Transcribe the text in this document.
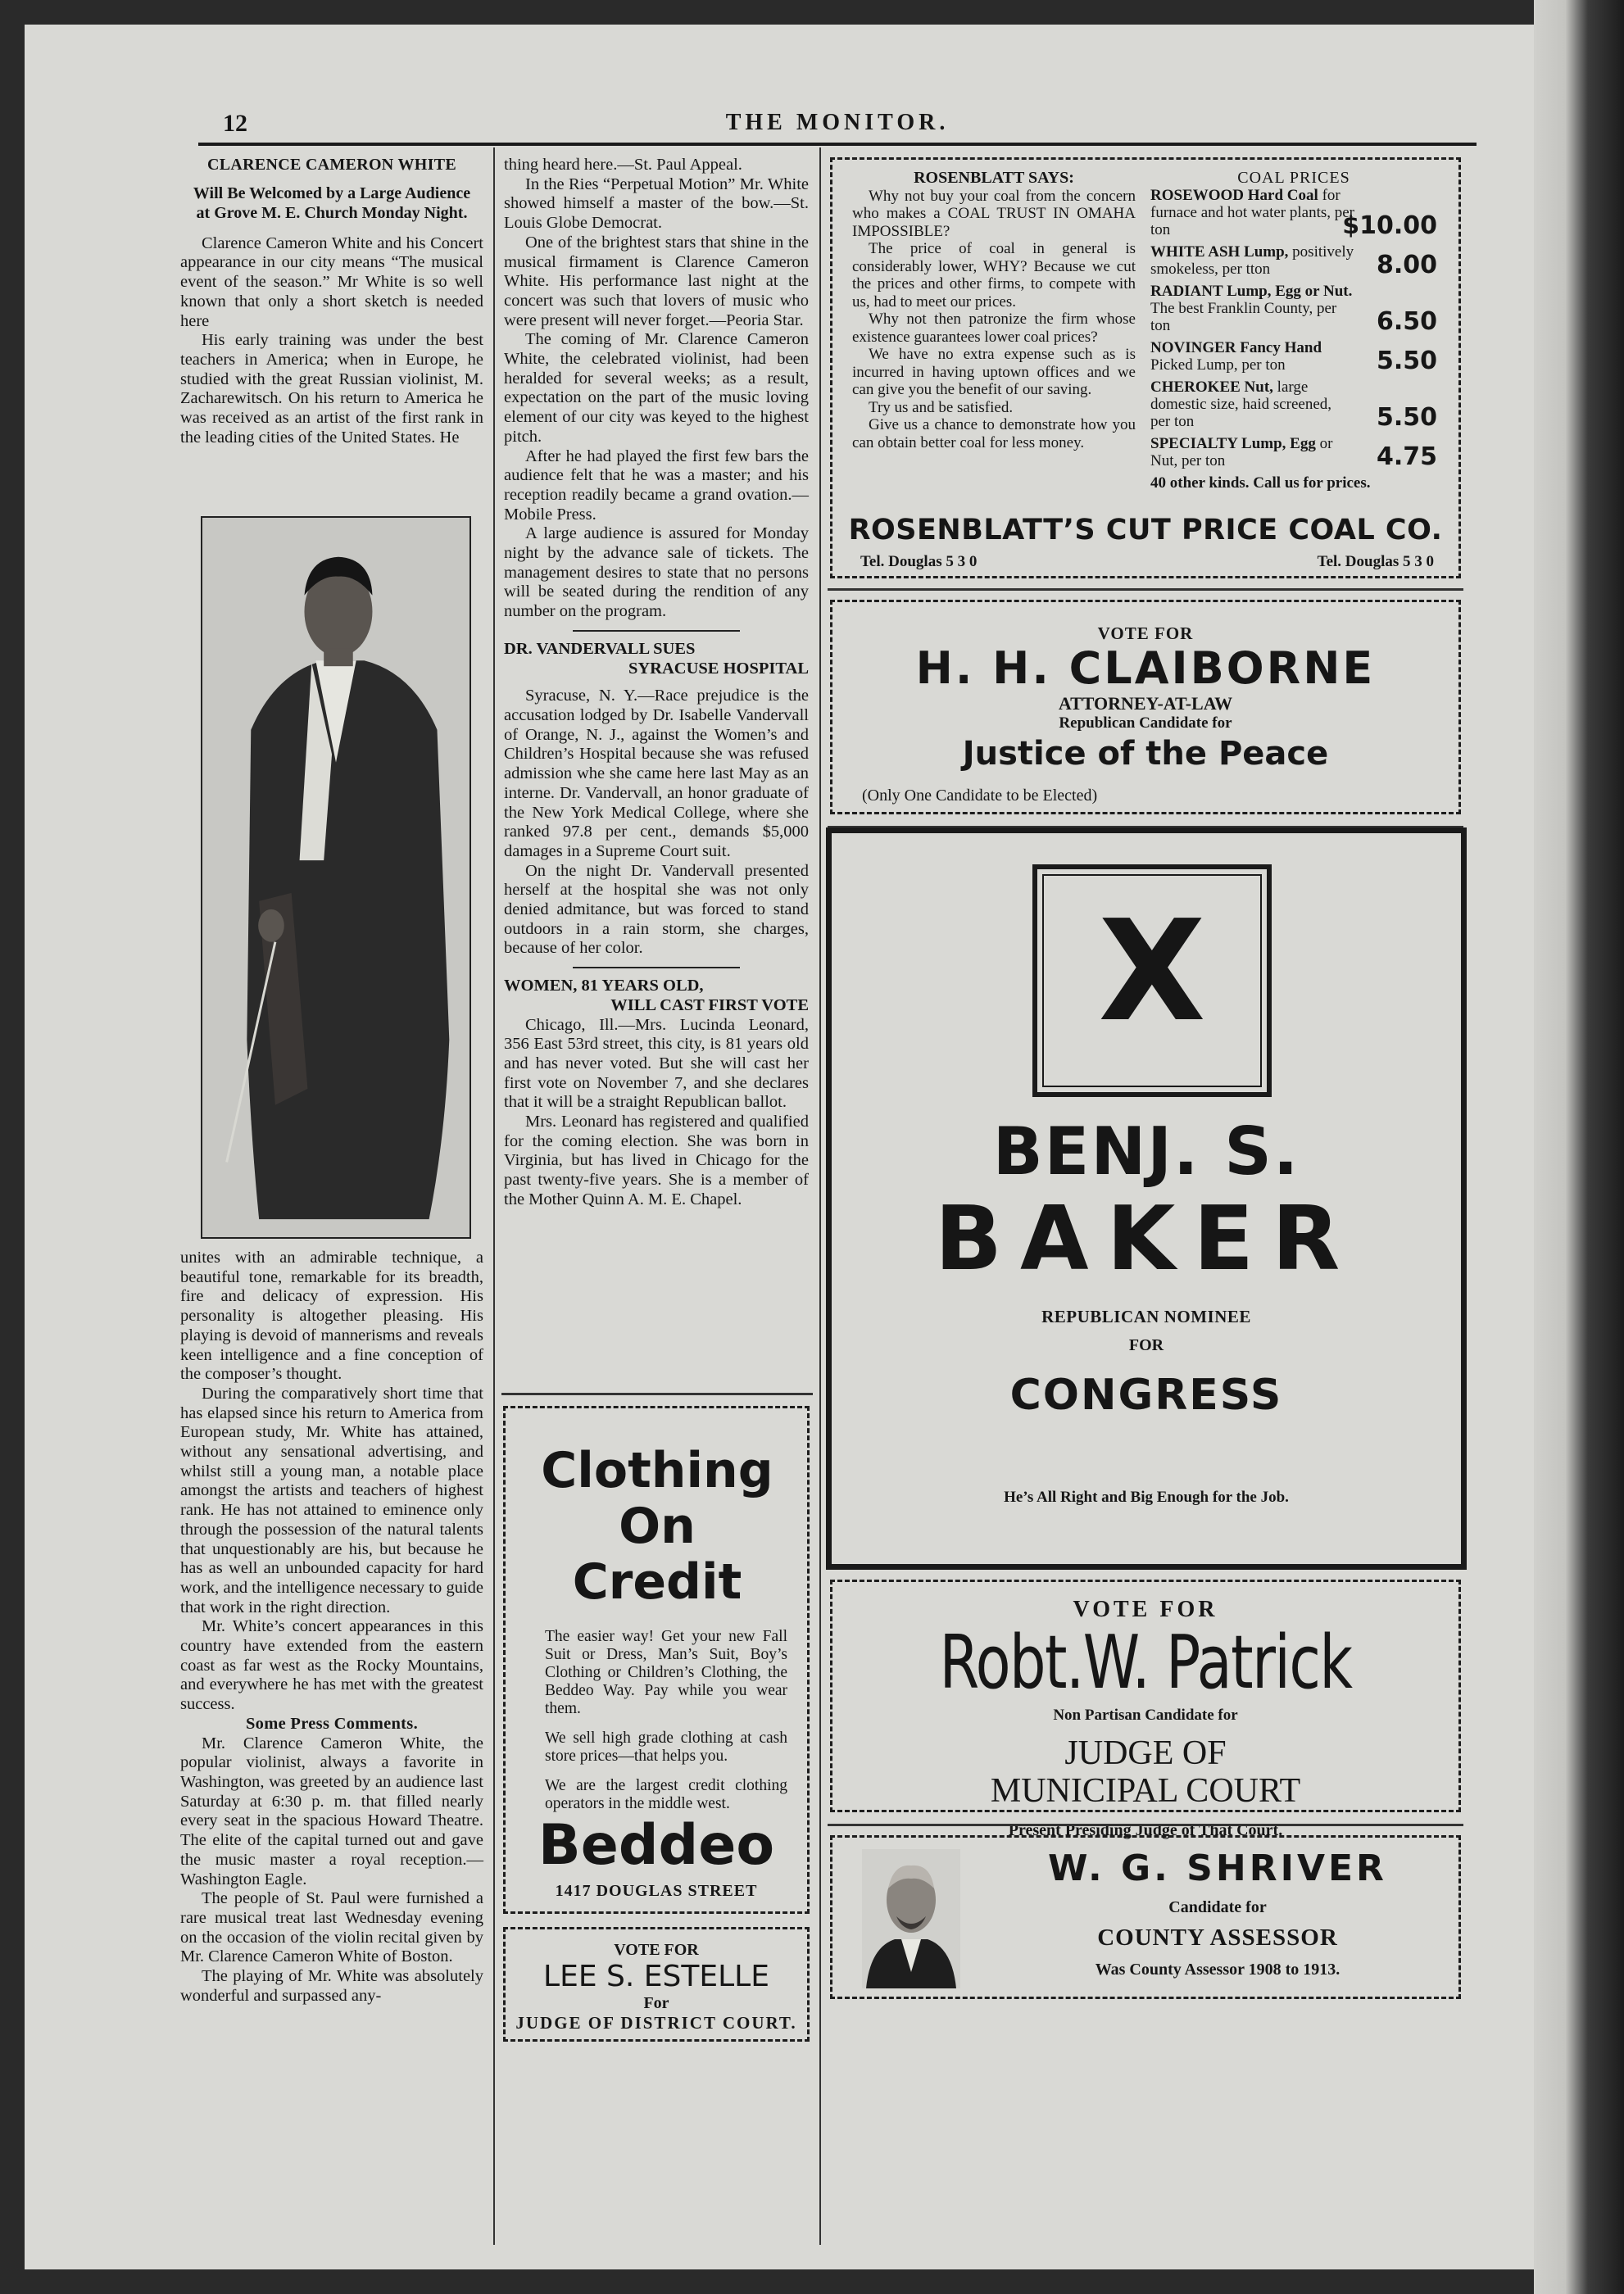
12	THE MONITOR.
CLARENCE CAMERON WHITE
Will Be Welcomed by a Large Audience at Grove M. E. Church Monday Night.

Clarence Cameron White and his Concert appearance in our city means “The musical event of the season.” Mr White is so well known that only a short sketch is needed here

His early training was under the best teachers in America; when in Europe, he studied with the great Russian violinist, M. Zacharewitsch. On his return to America he was received as an artist of the first rank in the leading cities of the United States. He

unites with an admirable technique, a beautiful tone, remarkable for its breadth, fire and delicacy of expression. His personality is altogether pleasing. His playing is devoid of mannerisms and reveals keen intelligence and a fine conception of the composer’s thought.

During the comparatively short time that has elapsed since his return to America from European study, Mr. White has attained, without any sensational advertising, and whilst still a young man, a notable place amongst the artists and teachers of highest rank. He has not attained to eminence only through the possession of the natural talents that unquestionably are his, but because he has as well an unbounded capacity for hard work, and the intelligence necessary to guide that work in the right direction.

Mr. White’s concert appearances in this country have extended from the eastern coast as far west as the Rocky Mountains, and everywhere he has met with the greatest success.

Some Press Comments.

Mr. Clarence Cameron White, the popular violinist, always a favorite in Washington, was greeted by an audience last Saturday at 6:30 p. m. that filled nearly every seat in the spacious Howard Theatre. The elite of the capital turned out and gave the music master a royal reception.—Washington Eagle.

The people of St. Paul were furnished a rare musical treat last Wednesday evening on the occasion of the violin recital given by Mr. Clarence Cameron White of Boston.

The playing of Mr. White was absolutely wonderful and surpassed any-

thing heard here.—St. Paul Appeal.

In the Ries “Perpetual Motion” Mr. White showed himself a master of the bow.—St. Louis Globe Democrat.

One of the brightest stars that shine in the musical firmament is Clarence Cameron White. His performance last night at the concert was such that lovers of music who were present will never forget.—Peoria Star.

The coming of Mr. Clarence Cameron White, the celebrated violinist, had been heralded for several weeks; as a result, expectation on the part of the music loving element of our city was keyed to the highest pitch.

After he had played the first few bars the audience felt that he was a master; and his reception readily became a grand ovation.—Mobile Press.

A large audience is assured for Monday night by the advance sale of tickets. The management desires to state that no persons will be seated during the rendition of any number on the program.

DR. VANDERVALL SUES
SYRACUSE HOSPITAL

Syracuse, N. Y.—Race prejudice is the accusation lodged by Dr. Isabelle Vandervall of Orange, N. J., against the Women’s and Children’s Hospital because she was refused admission whe she came here last May as an interne. Dr. Vandervall, an honor graduate of the New York Medical College, where she ranked 97.8 per cent., demands $5,000 damages in a Supreme Court suit.

On the night Dr. Vandervall presented herself at the hospital she was not only denied admitance, but was forced to stand outdoors in a rain storm, she charges, because of her color.

WOMEN, 81 YEARS OLD,
WILL CAST FIRST VOTE

Chicago, Ill.—Mrs. Lucinda Leonard, 356 East 53rd street, this city, is 81 years old and has never voted. But she will cast her first vote on November 7, and she declares that it will be a straight Republican ballot.

Mrs. Leonard has registered and qualified for the coming election. She was born in Virginia, but has lived in Chicago for the past twenty-five years. She is a member of the Mother Quinn A. M. E. Chapel.

Clothing
On
Credit

The easier way! Get your new Fall Suit or Dress, Man’s Suit, Boy’s Clothing or Children’s Clothing, the Beddeo Way. Pay while you wear them.

We sell high grade clothing at cash store prices—that helps you.

We are the largest credit clothing operators in the middle west.

Beddeo
1417 DOUGLAS STREET
VOTE FOR
LEE S. ESTELLE
For
JUDGE OF DISTRICT COURT.
ROSENBLATT SAYS:

Why not buy your coal from the concern who makes a COAL TRUST IN OMAHA IMPOSSIBLE?

The price of coal in general is considerably lower, WHY? Because we cut the prices and other firms, to compete with us, had to meet our prices.

Why not then patronize the firm whose existence guarantees lower coal prices?

We have no extra expense such as is incurred in having uptown offices and we can give you the benefit of our saving.

Try us and be satisfied.

Give us a chance to demonstrate how you can obtain better coal for less money.

COAL PRICES
ROSEWOOD Hard Coal for furnace and hot water plants, per ton	$10.00
WHITE ASH Lump, positively smokeless, per tton	8.00
RADIANT Lump, Egg or Nut. The best Franklin County, per ton	6.50
NOVINGER Fancy Hand Picked Lump, per ton	5.50
CHEROKEE Nut, large domestic size, haid screened, per ton	5.50
SPECIALTY Lump, Egg or Nut, per ton	4.75
40 other kinds. Call us for prices.
ROSENBLATT’S CUT PRICE COAL CO.
Tel. Douglas 5 3 0	Tel. Douglas 5 3 0
VOTE FOR
H. H. CLAIBORNE
ATTORNEY-AT-LAW
Republican Candidate for
Justice of the Peace
(Only One Candidate to be Elected)
X
BENJ. S.
BAKER
REPUBLICAN NOMINEE
FOR
CONGRESS
He’s All Right and Big Enough for the Job.
VOTE FOR
Robt.W. Patrick
Non Partisan Candidate for
JUDGE OF
MUNICIPAL COURT
Present Presiding Judge of That Court.
W. G. SHRIVER
Candidate for
COUNTY ASSESSOR
Was County Assessor 1908 to 1913.
